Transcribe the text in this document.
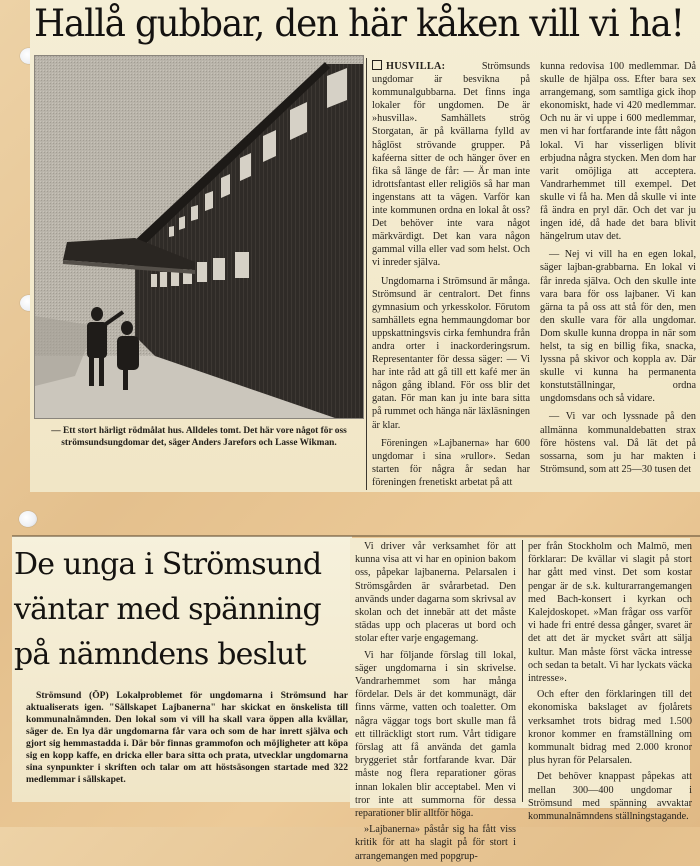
Hallå gubbar, den här kåken vill vi ha!
— Ett stort härligt rödmålat hus. Alldeles tomt. Det här vore något för oss strömsundsungdomar det, säger Anders Jarefors och Lasse Wikman.

HUSVILLA:	Strömsunds ungdomar är besvikna på kommunalgubbarna. Det finns inga lokaler för ungdomen. De är »husvilla». Samhällets strög Storgatan, är på kvällarna fylld av håglöst strövande grupper. På kaféerna sitter de och hänger över en fika så länge de får: — Är man inte idrottsfantast eller religiös så har man ingenstans att ta vägen. Varför kan inte kommunen ordna en lokal åt oss? Det behöver inte vara något märkvärdigt. Det kan vara någon gammal villa eller vad som helst. Och vi inreder själva.

Ungdomarna i Strömsund är många. Strömsund är centralort. Det finns gymnasium och yrkesskolor. Förutom samhällets egna hemmaungdomar bor uppskattningsvis cirka femhundra från andra orter i inackorderingsrum. Representanter för dessa säger: — Vi har inte råd att gå till ett kafé mer än någon gång ibland. För oss blir det gatan. För man kan ju inte bara sitta på rummet och hänga när läxläsningen är klar.

Föreningen »Lajbanerna» har 600 ungdomar i sina »rullor». Sedan starten för några år sedan har föreningen frenetiskt arbetat på att

kunna redovisa 100 medlemmar. Då skulle de hjälpa oss. Efter bara sex arrangemang, som samtliga gick ihop ekonomiskt, hade vi 420 medlemmar. Och nu är vi uppe i 600 medlemmar, men vi har fortfarande inte fått någon lokal. Vi har visserligen blivit erbjudna några stycken. Men dom har varit omöjliga att acceptera. Vandrarhemmet till exempel. Det skulle vi få ha. Men då skulle vi inte få ändra en pryl där. Och det var ju ingen idé, då hade det bara blivit hängelrum utav det.

— Nej vi vill ha en egen lokal, säger lajban-grabbarna. En lokal vi får inreda själva. Och den skulle inte vara bara för oss lajbaner. Vi kan gärna ta på oss att stå för den, men den skulle vara för alla ungdomar. Dom skulle kunna droppa in när som helst, ta sig en billig fika, snacka, lyssna på skivor och koppla av. Där skulle vi kunna ha permanenta konstutställningar, ordna ungdomsdans och så vidare.

— Vi var och lyssnade på den allmänna kommunaldebatten strax före höstens val. Då lät det på sossarna, som ju har makten i Strömsund, som att 25—30 tusen det

De unga i Strömsund
väntar med spänning
på nämndens beslut

Strömsund (ÖP) Lokalproblemet för ungdomarna i Strömsund har aktualiserats igen. "Sällskapet Lajbanerna" har skickat en önskelista till kommunalnämnden. Den lokal som vi vill ha skall vara öppen alla kvällar, säger de. En lya där ungdomarna får vara och som de har inrett själva och gjort sig hemmastadda i. Där bör finnas grammofon och möjligheter att köpa sig en kopp kaffe, en dricka eller bara sitta och prata, utvecklar ungdomarna sina synpunkter i skriften och talar om att höstsäsongen startade med 322 medlemmar i sällskapet.

Vi driver vår verksamhet för att kunna visa att vi har en opinion bakom oss, påpekar lajbanerna. Pelarsalen i Strömsgården är svårarbetad. Den används under dagarna som skrivsal av skolan och det innebär att det måste städas upp och placeras ut bord och stolar efter varje engagemang.

Vi har följande förslag till lokal, säger ungdomarna i sin skrivelse. Vandrarhemmet som har många fördelar. Dels är det kommunägt, där finns värme, vatten och toaletter. Om några väggar togs bort skulle man få ett tillräckligt stort rum. Vårt tidigare förslag att få använda det gamla bryggeriet står fortfarande kvar. Där måste nog flera reparationer göras innan lokalen blir acceptabel. Men vi tror inte att summorna för dessa reparationer blir alltför höga.

»Lajbanerna» påstår sig ha fått viss kritik för att ha slagit på för stort i arrangemangen med popgrup-

per från Stockholm och Malmö, men förklarar: De kvällar vi slagit på stort har gått med vinst. Det som kostar pengar är de s.k. kulturarrangemangen med Bach-konsert i kyrkan och Kalejdoskopet. »Man frågar oss varför vi hade fri entré dessa gånger, svaret är det att det är mycket svårt att sälja kultur. Man måste först väcka intresse och sedan ta betalt. Vi har lyckats väcka intresse».

Och efter den förklaringen till det ekonomiska bakslaget av fjolårets verksamhet trots bidrag med 1.500 kronor kommer en framställning om kommunalt bidrag med 2.000 kronor plus hyran för Pelarsalen.

Det behöver knappast påpekas att mellan 300—400 ungdomar i Strömsund med spänning avvaktar kommunalnämndens ställningstagande.
